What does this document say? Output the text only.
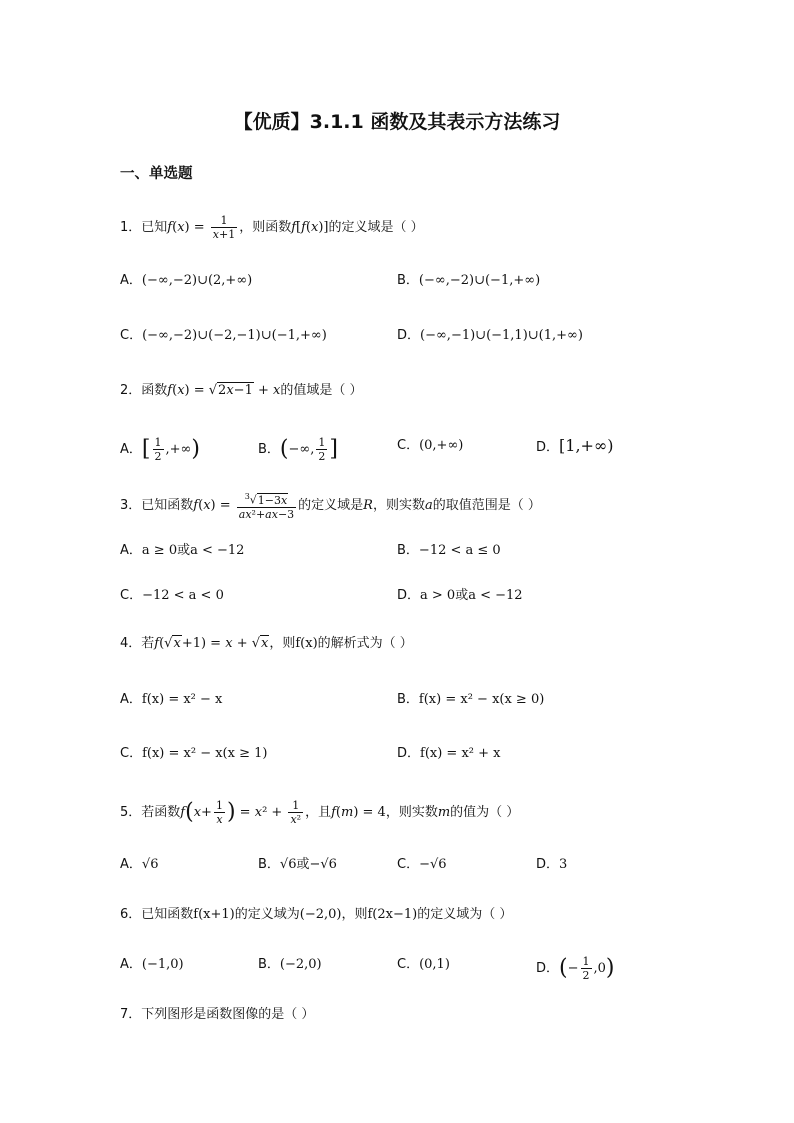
【优质】3.1.1 函数及其表示方法练习
一、单选题
1．已知$f(x) = \frac{1}{x+1}$ ，则函数f[f(x)]的定义域是（ ）
A．(−∞,−2)∪(2,+∞)	B．(−∞,−2)∪(−1,+∞)
C．(−∞,−2)∪(−2,−1)∪(−1,+∞)	D．(−∞,−1)∪(−1,1)∪(1,+∞)
2．函数f(x) = √2x−1 + x的值域是（ ）
A．[ $\frac{1}{2}$ ,+∞)	B．(−∞, $\frac{1}{2}$ ]	C．(0,+∞)	D．[1,+∞)
3．已知函数$f(x) = \frac{^3√1-3x}{\text{ax²+ax−3}}$ 的定义域是R，则实数a的取值范围是（ ）
A．a ≥ 0或a < −12	B．−12 < a ≤ 0
C．−12 < a < 0	D．a > 0或a < −12
4．若f(√x+1) = x + √x，则f(x)的解析式为（ ）
A．f(x) = x² − x	B．f(x) = x² − x(x ≥ 0)
C．f(x) = x² − x(x ≥ 1)	D．f(x) = x² + x
5．若函数$f(x+ \frac{1}{x}$ ) = $x^2 + \frac{1}{\text{x²}}$ ，且f(m) = 4，则实数m的值为（ ）
A．√6	B．√6或−√6	C．−√6	D．3
6．已知函数f(x+1)的定义域为(−2,0)，则f(2x−1)的定义域为（ ）
A．(−1,0)	B．(−2,0)	C．(0,1)	D．(− $\frac{1}{2} ,0$)
7．下列图形是函数图像的是（ ）
